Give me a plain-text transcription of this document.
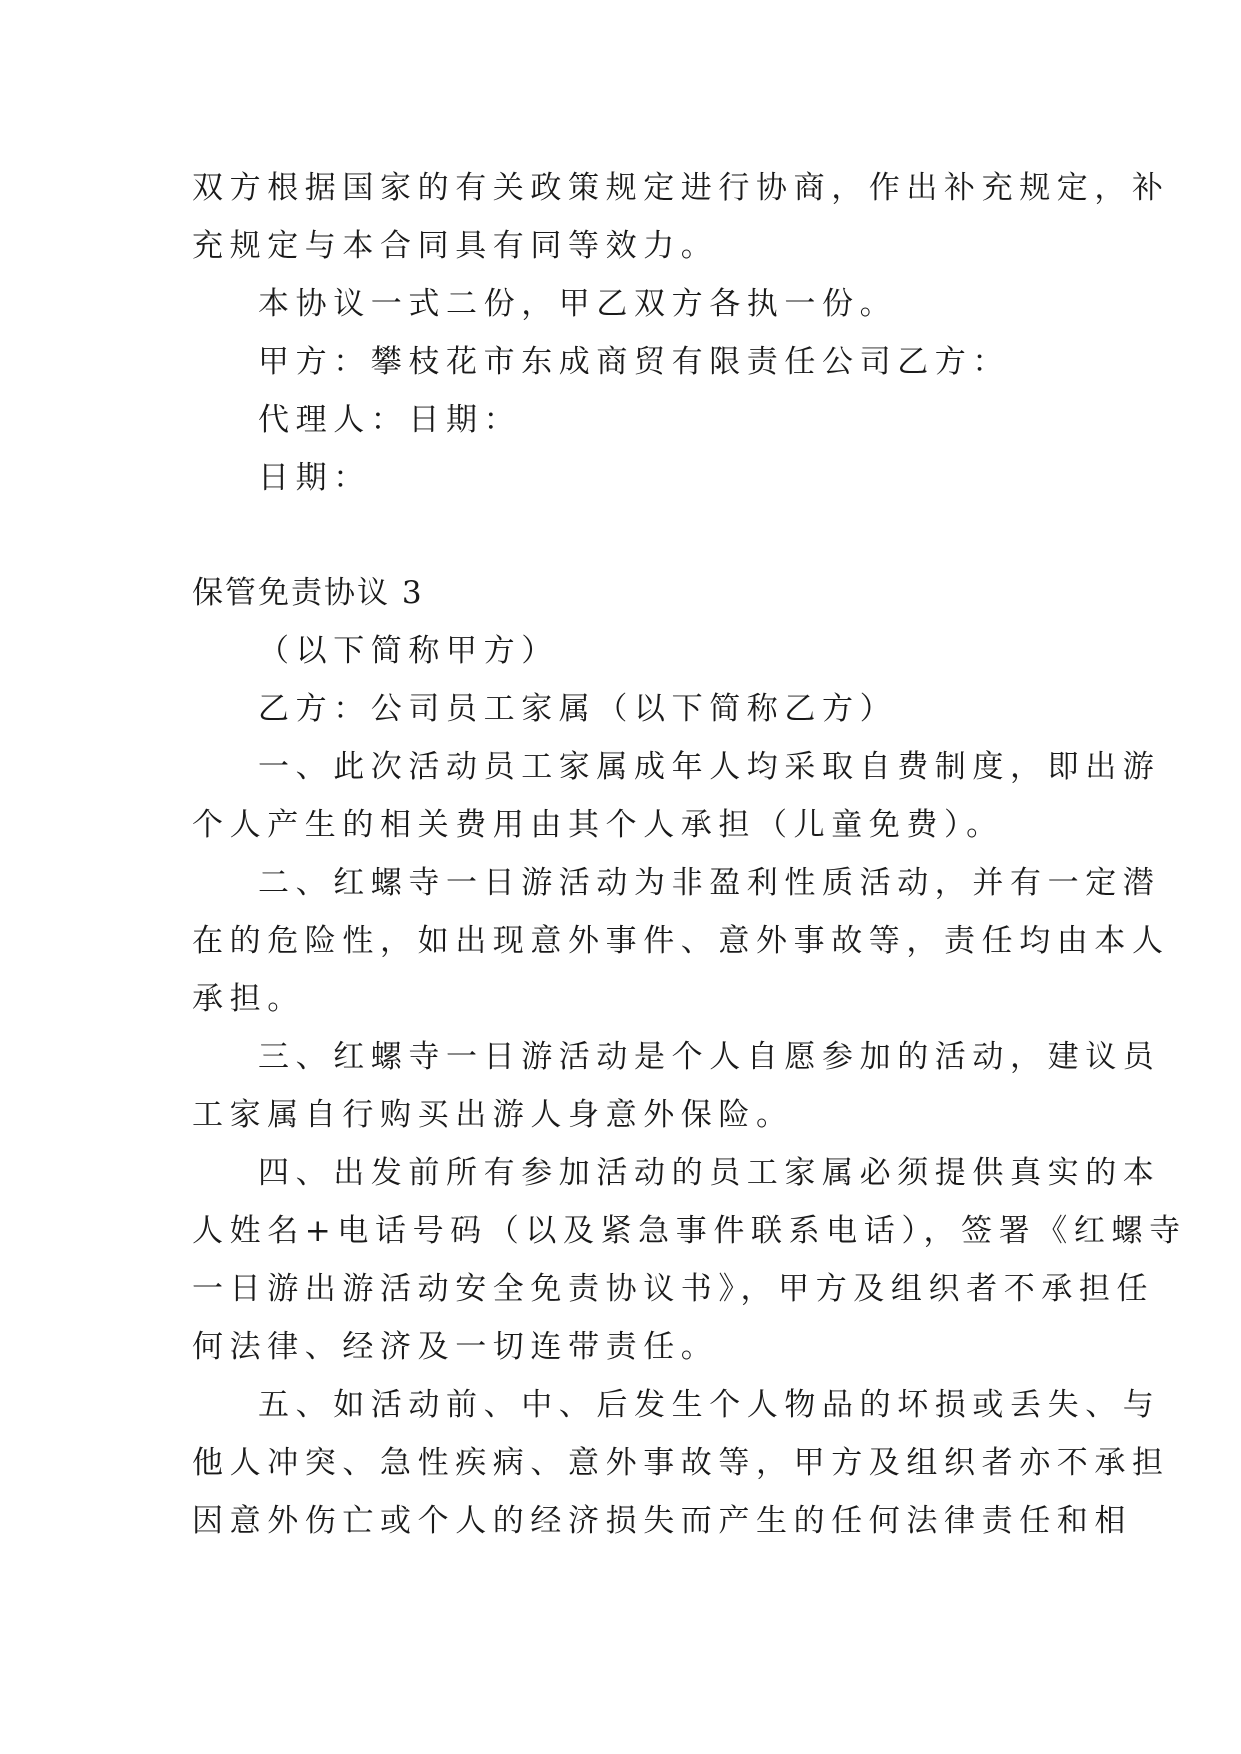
双方根据国家的有关政策规定进行协商，作出补充规定，补
充规定与本合同具有同等效力。
本协议一式二份，甲乙双方各执一份。
甲方：攀枝花市东成商贸有限责任公司乙方：
代理人：日期：
日期：
保管免责协议 3
（以下简称甲方）
乙方：公司员工家属（以下简称乙方）
一、此次活动员工家属成年人均采取自费制度，即出游
个人产生的相关费用由其个人承担（儿童免费）。
二、红螺寺一日游活动为非盈利性质活动，并有一定潜
在的危险性，如出现意外事件、意外事故等，责任均由本人
承担。
三、红螺寺一日游活动是个人自愿参加的活动，建议员
工家属自行购买出游人身意外保险。
四、出发前所有参加活动的员工家属必须提供真实的本
人姓名+电话号码（以及紧急事件联系电话），签署《红螺寺
一日游出游活动安全免责协议书》，甲方及组织者不承担任
何法律、经济及一切连带责任。
五、如活动前、中、后发生个人物品的坏损或丢失、与
他人冲突、急性疾病、意外事故等，甲方及组织者亦不承担
因意外伤亡或个人的经济损失而产生的任何法律责任和相
